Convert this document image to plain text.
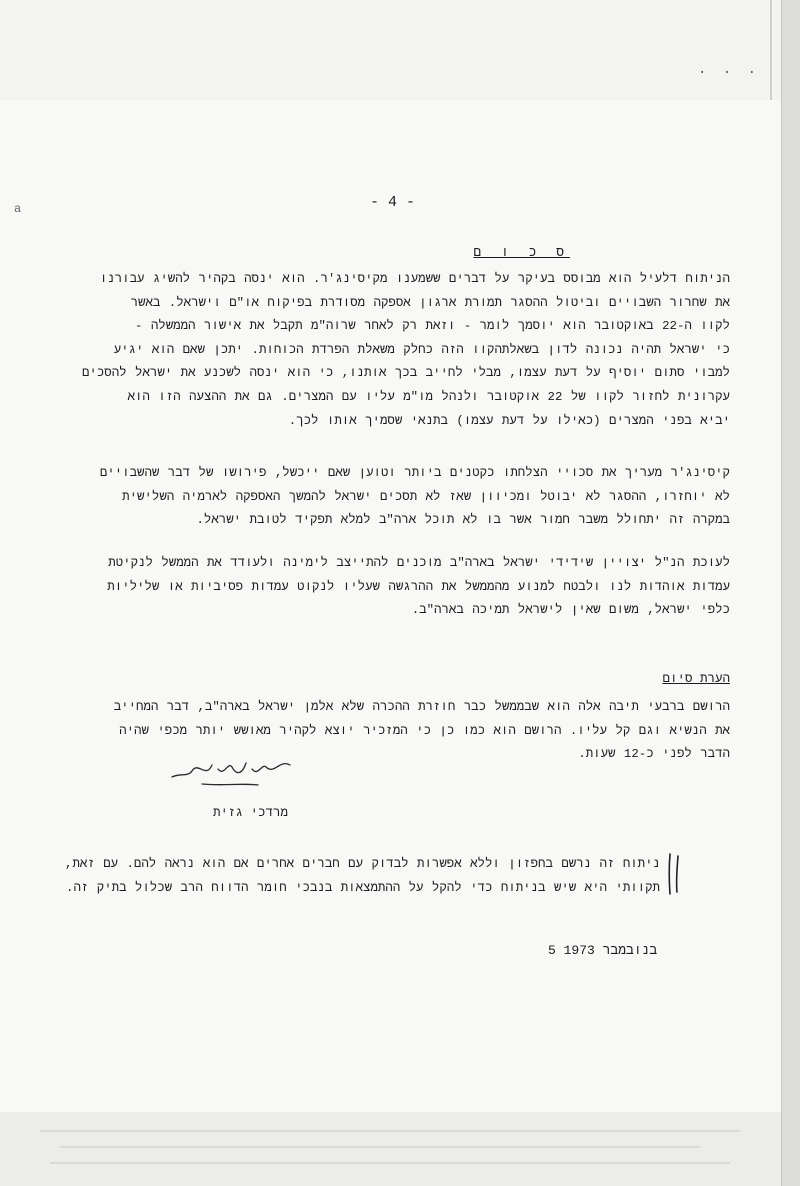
. . .
a	- 4 -
ס כ ו ם
הניתוח דלעיל הוא מבוסס בעיקר על דברים ששמענו מקיסינג'ר. הוא ינסה בקהיר להשיג עבורנו
את שחרור השבויים וביטול ההסגר תמורת ארגון אספקה מסודרת בפיקוח או"ם וישראל. באשר
לקוו ה-22 באוקטובר הוא יוסמך לומר - וזאת רק לאחר שרוה"מ תקבל את אישור הממשלה -
כי ישראל תהיה נכונה לדון בשאלתהקוו הזה כחלק משאלת הפרדת הכוחות. יתכן שאם הוא יגיע
למבוי סתום יוסיף על דעת עצמו, מבלי לחייב בכך אותנו, כי הוא ינסה לשכנע את ישראל להסכים
עקרונית לחזור לקוו של 22 אוקטובר ולנהל מו"מ עליו עם המצרים. גם את ההצעה הזו הוא
יביא בפני המצרים (כאילו על דעת עצמו) בתנאי שסמיך אותו לכך.
קיסינג'ר מעריך את סכויי הצלחתו כקטנים ביותר וטוען שאם ייכשל, פירושו של דבר שהשבויים
לא יוחזרו, ההסגר לא יבוטל ומכיוון שאז לא תסכים ישראל להמשך האספקה לארמיה השלישית
במקרה זה יתחולל משבר חמור אשר בו לא תוכל ארה"ב למלא תפקיד לטובת ישראל.
לעוכת הנ"ל יצויין שידידי ישראל בארה"ב מוכנים להתייצב לימינה ולעודד את הממשל לנקיטת
עמדות אוהדות לנו ולבטח למנוע מהממשל את ההרגשה שעליו לנקוט עמדות פסיביות או שליליות
כלפי ישראל, משום שאין לישראל תמיכה בארה"ב.
הערת סיום
הרושם ברבעי תיבה אלה הוא שבממשל כבר חוזרת ההכרה שלא אלמן ישראל בארה"ב, דבר המחייב
את הנשיא וגם קל עליו. הרושם הוא כמו כן כי המזכיר יוצא לקהיר מאושש יותר מכפי שהיה
הדבר לפני כ-12 שעות.
מרדכי גזית
ניתוח זה נרשם בחפזון וללא אפשרות לבדוק עם חברים אחרים אם הוא נראה להם. עם זאת,
תקוותי היא שיש בניתוח כדי להקל על ההתמצאות בנבכי חומר הדווח הרב שכלול בתיק זה.
5 בנובמבר 1973
